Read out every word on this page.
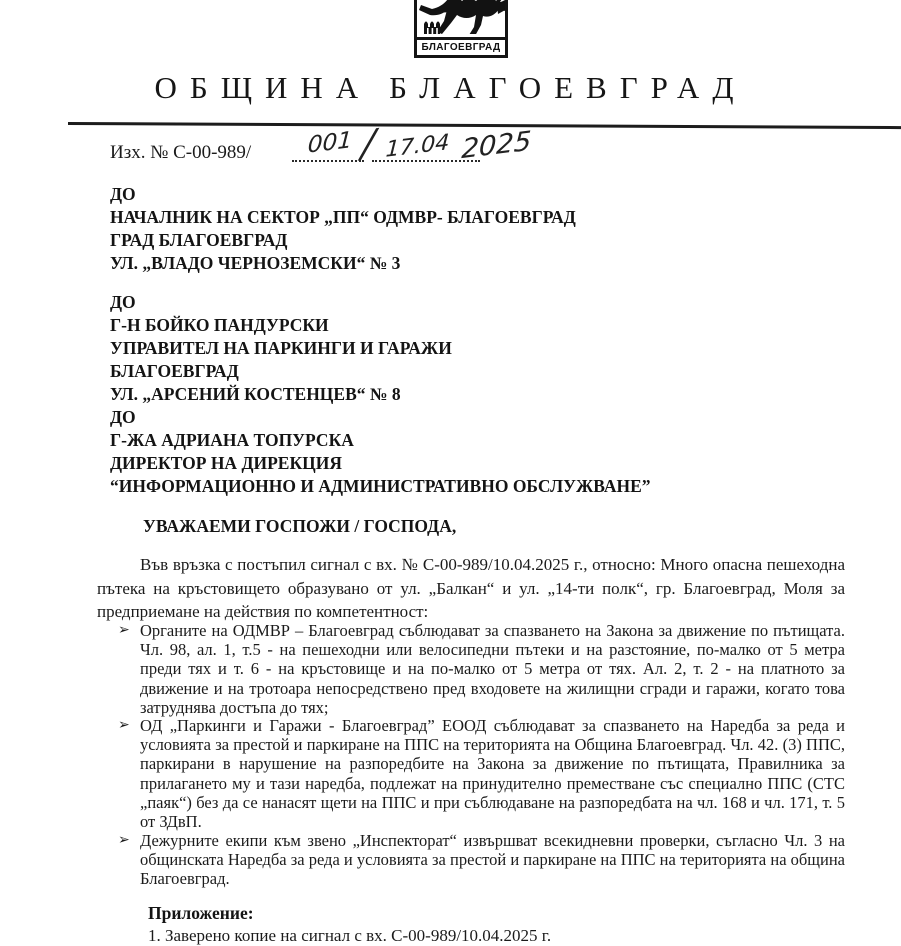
БЛАГОЕВГРАД
ОБЩИНА БЛАГОЕВГРАД
Изх. № С-00-989/ 001 / 17.04 2025
ДО
НАЧАЛНИК НА СЕКТОР „ПП“ ОДМВР- БЛАГОЕВГРАД
ГРАД БЛАГОЕВГРАД
УЛ. „ВЛАДО ЧЕРНОЗЕМСКИ“ № 3
ДО
Г-Н БОЙКО ПАНДУРСКИ
УПРАВИТЕЛ НА ПАРКИНГИ И ГАРАЖИ
БЛАГОЕВГРАД
УЛ. „АРСЕНИЙ КОСТЕНЦЕВ“ № 8
ДО
Г-ЖА АДРИАНА ТОПУРСКА
ДИРЕКТОР НА ДИРЕКЦИЯ
“ИНФОРМАЦИОННО И АДМИНИСТРАТИВНО ОБСЛУЖВАНЕ”
УВАЖАЕМИ ГОСПОЖИ / ГОСПОДА,

Във връзка с постъпил сигнал с вх. № С-00-989/10.04.2025 г., относно: Много опасна пешеходна пътека на кръстовището образувано от ул. „Балкан“ и ул. „14-ти полк“, гр. Благоевград, Моля за предприемане на действия по компетентност:

➢ Органите на ОДМВР – Благоевград съблюдават за спазването на Закона за движение по пътищата. Чл. 98, ал. 1, т.5 - на пешеходни или велосипедни пътеки и на разстояние, по-малко от 5 метра преди тях и т. 6 - на кръстовище и на по-малко от 5 метра от тях. Ал. 2, т. 2 - на платното за движение и на тротоара непосредствено пред входовете на жилищни сгради и гаражи, когато това затруднява достъпа до тях;
➢ ОД „Паркинги и Гаражи - Благоевград” ЕООД съблюдават за спазването на Наредба за реда и условията за престой и паркиране на ППС на територията на Община Благоевград. Чл. 42. (3) ППС, паркирани в нарушение на разпоредбите на Закона за движение по пътищата, Правилника за прилагането му и тази наредба, подлежат на принудително преместване със специално ППС (СТС „паяк“) без да се нанасят щети на ППС и при съблюдаване на разпоредбата на чл. 168 и чл. 171, т. 5 от ЗДвП.
➢ Дежурните екипи към звено „Инспекторат“ извършват всекидневни проверки, съгласно Чл. 3 на общинската Наредба за реда и условията за престой и паркиране на ППС на територията на община Благоевград.
Приложение:
1. Заверено копие на сигнал с вх. С-00-989/10.04.2025 г.
